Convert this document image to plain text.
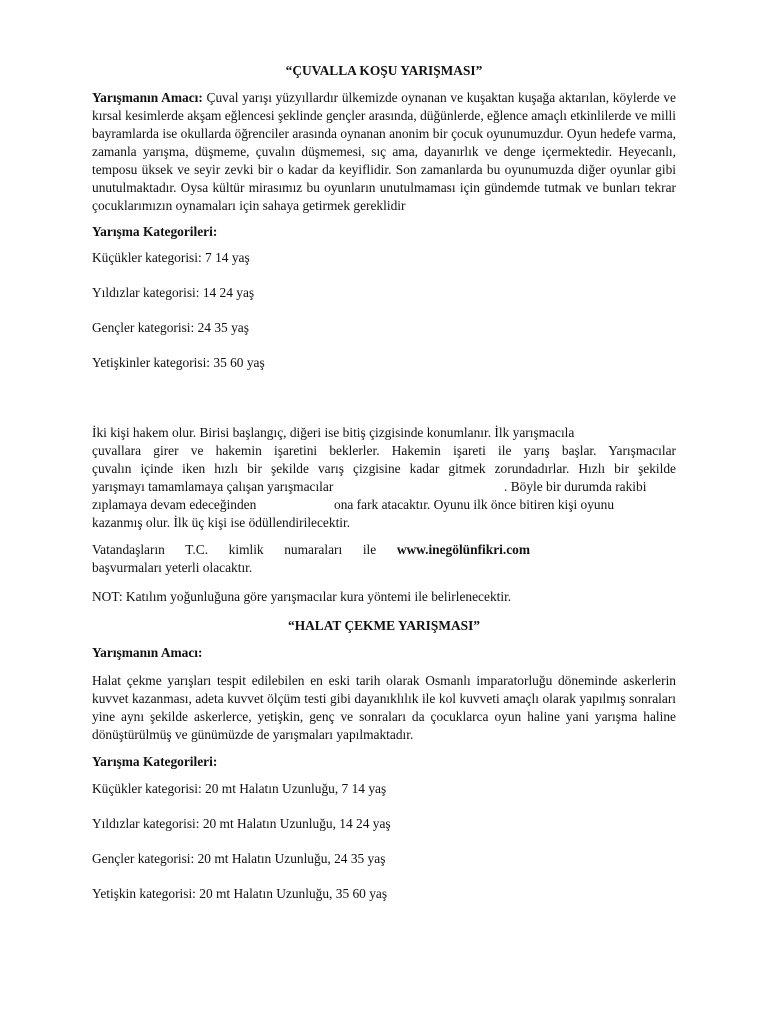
“ÇUVALLA KOŞU YARIŞMASI”

Yarışmanın Amacı: Çuval yarışı yüzyıllardır ülkemizde oynanan ve kuşaktan kuşağa aktarılan, köylerde ve kırsal kesimlerde akşam eğlencesi şeklinde gençler arasında, düğünlerde, eğlence amaçlı etkinlilerde ve milli bayramlarda ise okullarda öğrenciler arasında oynanan anonim bir çocuk oyunumuzdur. Oyun hedefe varma, zamanla yarışma, düşmeme, çuvalın düşmemesi, sıç ama, dayanırlık ve denge içermektedir. Heyecanlı, temposu üksek ve seyir zevki bir o kadar da keyiflidir. Son zamanlarda bu oyunumuzda diğer oyunlar gibi unutulmaktadır. Oysa kültür mirasımız bu oyunların unutulmaması için gündemde tutmak ve bunları tekrar çocuklarımızın oynamaları için sahaya getirmek gereklidir

Yarışma Kategorileri:
Küçükler kategorisi: 7 14 yaş
Yıldızlar kategorisi: 14 24 yaş
Gençler kategorisi: 24 35 yaş
Yetişkinler kategorisi: 35 60 yaş
İki kişi hakem olur. Birisi başlangıç, diğeri ise bitiş çizgisinde konumlanır. İlk yarışmacıla
çuvallara girer ve hakemin işaretini beklerler. Hakemin işareti ile yarış başlar. Yarışmacılar
çuvalın içinde iken hızlı bir şekilde varış çizgisine kadar gitmek zorundadırlar. Hızlı bir şekilde
yarışmayı tamamlamaya çalışan yarışmacılar	. Böyle bir durumda rakibi
zıplamaya devam edeceğinden	ona fark atacaktır. Oyunu ilk önce bitiren kişi oyunu
kazanmış olur. İlk üç kişi ise ödüllendirilecektir.
Vatandaşların T.C. kimlik numaraları ile www.inegölünfikri.com
başvurmaları yeterli olacaktır.
NOT: Katılım yoğunluğuna göre yarışmacılar kura yöntemi ile belirlenecektir.
“HALAT ÇEKME YARIŞMASI”
Yarışmanın Amacı:

Halat çekme yarışları tespit edilebilen en eski tarih olarak Osmanlı imparatorluğu döneminde askerlerin kuvvet kazanması, adeta kuvvet ölçüm testi gibi dayanıklılık ile kol kuvveti amaçlı olarak yapılmış sonraları yine aynı şekilde askerlerce, yetişkin, genç ve sonraları da çocuklarca oyun haline yani yarışma haline dönüştürülmüş ve günümüzde de yarışmaları yapılmaktadır.

Yarışma Kategorileri:
Küçükler kategorisi: 20 mt Halatın Uzunluğu, 7 14 yaş
Yıldızlar kategorisi: 20 mt Halatın Uzunluğu, 14 24 yaş
Gençler kategorisi: 20 mt Halatın Uzunluğu, 24 35 yaş
Yetişkin kategorisi: 20 mt Halatın Uzunluğu, 35 60 yaş
